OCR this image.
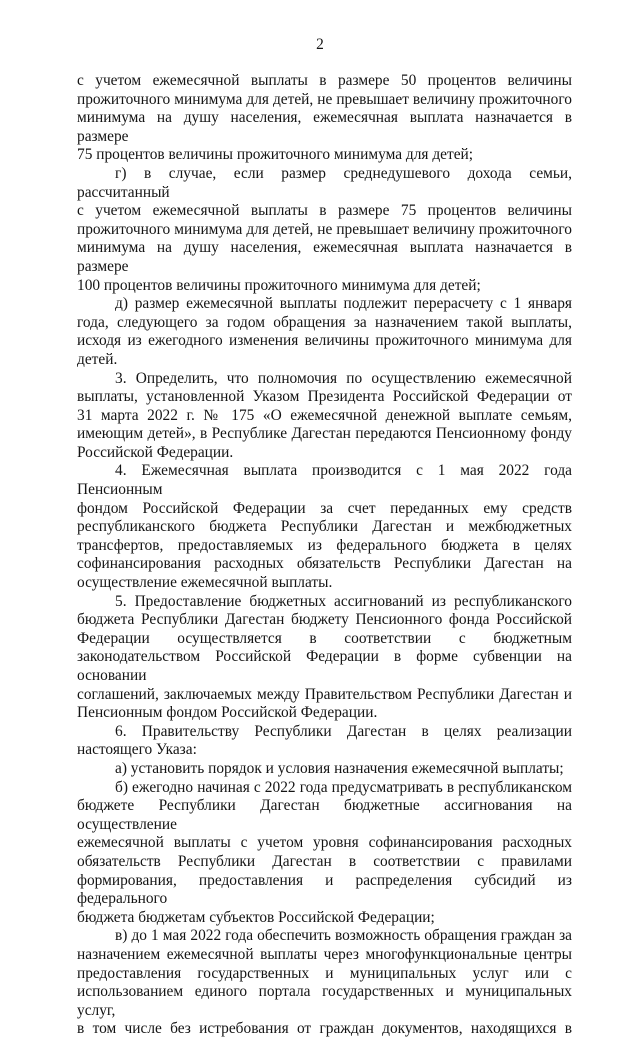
2

с учетом ежемесячной выплаты в размере 50 процентов величины

прожиточного минимума для детей, не превышает величину прожиточного

минимума на душу населения, ежемесячная выплата назначается в размере

75 процентов величины прожиточного минимума для детей;

г) в случае, если размер среднедушевого дохода семьи, рассчитанный

с учетом ежемесячной выплаты в размере 75 процентов величины

прожиточного минимума для детей, не превышает величину прожиточного

минимума на душу населения, ежемесячная выплата назначается в размере

100 процентов величины прожиточного минимума для детей;

д) размер ежемесячной выплаты подлежит перерасчету с 1 января

года, следующего за годом обращения за назначением такой выплаты,

исходя из ежегодного изменения величины прожиточного минимума для

детей.

3. Определить, что полномочия по осуществлению ежемесячной

выплаты, установленной Указом Президента Российской Федерации от

31 марта 2022 г. № 175 «О ежемесячной денежной выплате семьям,

имеющим детей», в Республике Дагестан передаются Пенсионному фонду

Российской Федерации.

4. Ежемесячная выплата производится с 1 мая 2022 года Пенсионным

фондом Российской Федерации за счет переданных ему средств

республиканского бюджета Республики Дагестан и межбюджетных

трансфертов, предоставляемых из федерального бюджета в целях

софинансирования расходных обязательств Республики Дагестан на

осуществление ежемесячной выплаты.

5. Предоставление бюджетных ассигнований из республиканского

бюджета Республики Дагестан бюджету Пенсионного фонда Российской

Федерации осуществляется в соответствии с бюджетным

законодательством Российской Федерации в форме субвенции на основании

соглашений, заключаемых между Правительством Республики Дагестан и

Пенсионным фондом Российской Федерации.

6. Правительству Республики Дагестан в целях реализации

настоящего Указа:

а) установить порядок и условия назначения ежемесячной выплаты;

б) ежегодно начиная с 2022 года предусматривать в республиканском

бюджете Республики Дагестан бюджетные ассигнования на осуществление

ежемесячной выплаты с учетом уровня софинансирования расходных

обязательств Республики Дагестан в соответствии с правилами

формирования, предоставления и распределения субсидий из федерального

бюджета бюджетам субъектов Российской Федерации;

в) до 1 мая 2022 года обеспечить возможность обращения граждан за

назначением ежемесячной выплаты через многофункциональные центры

предоставления государственных и муниципальных услуг или с

использованием единого портала государственных и муниципальных услуг,

в том числе без истребования от граждан документов, находящихся в
